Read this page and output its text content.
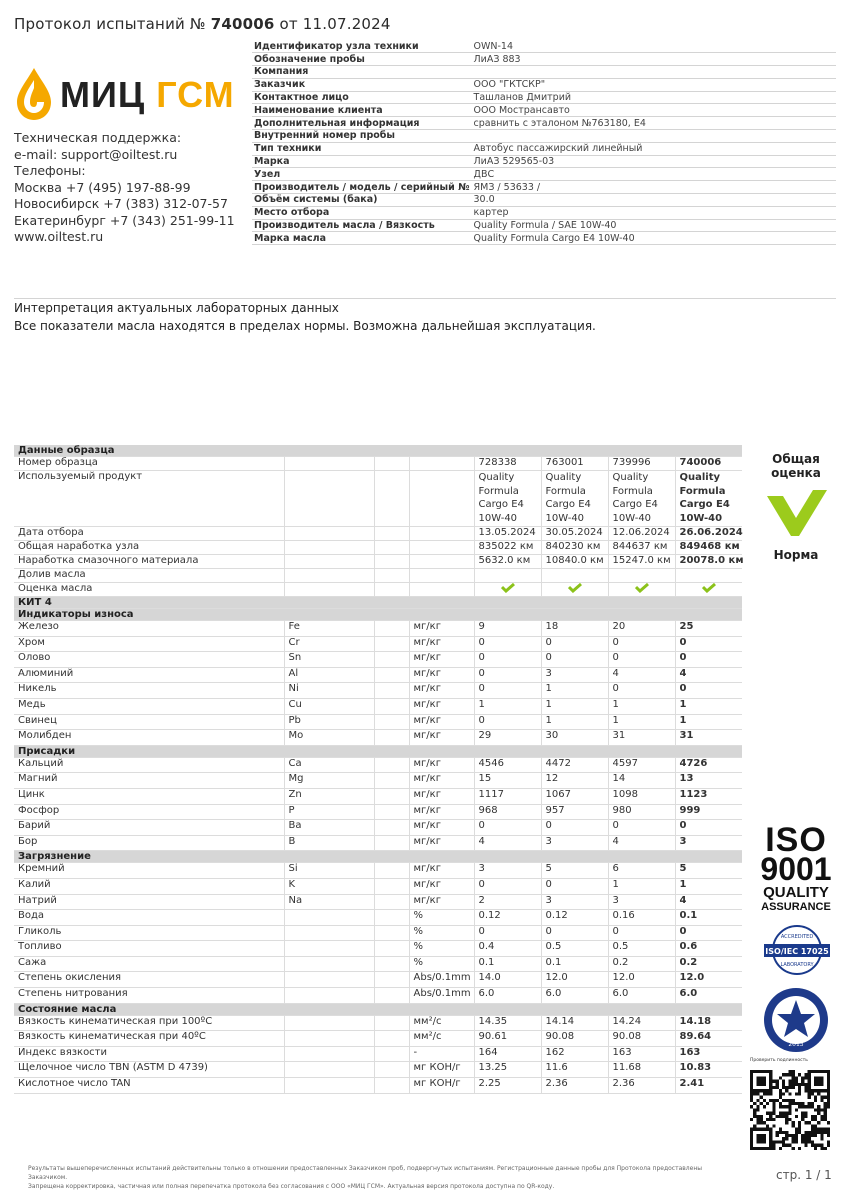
Протокол испытаний № 740006 от 11.07.2024
МИЦ ГСМ
Техническая поддержка:
e-mail: support@oiltest.ru
Телефоны:
Москва +7 (495) 197-88-99
Новосибирск +7 (383) 312-07-57
Екатеринбург +7 (343) 251-99-11
www.oiltest.ru
Идентификатор узла техники	OWN-14
Обозначение пробы	ЛиАЗ 883
Компания	
Заказчик	ООО "ГКТСКР"
Контактное лицо	Ташланов Дмитрий
Наименование клиента	ООО Мострансавто
Дополнительная информация	сравнить с эталоном №763180, Е4
Внутренний номер пробы	
Тип техники	Автобус пассажирский линейный
Марка	ЛиАЗ 529565-03
Узел	ДВС
Производитель / модель / серийный №	ЯМЗ / 53633 /
Объём системы (бака)	30.0
Место отбора	картер
Производитель масла / Вязкость	Quality Formula / SAE 10W-40
Марка масла	Quality Formula Cargo E4 10W-40
Интерпретация актуальных лабораторных данных
Все показатели масла находятся в пределах нормы. Возможна дальнейшая эксплуатация.
Данные образца							
Номер образца				728338	763001	739996	740006
Используемый продукт				Quality Formula Cargo E4 10W-40	Quality Formula Cargo E4 10W-40	Quality Formula Cargo E4 10W-40	Quality Formula Cargo E4 10W-40
Дата отбора				13.05.2024	30.05.2024	12.06.2024	26.06.2024
Общая наработка узла				835022 км	840230 км	844637 км	849468 км
Наработка смазочного материала				5632.0 км	10840.0 км	15247.0 км	20078.0 км
Долив масла							
Оценка масла							
КИТ 4							
Индикаторы износа							
Железо	Fe		мг/кг	9	18	20	25
Хром	Cr		мг/кг	0	0	0	0
Олово	Sn		мг/кг	0	0	0	0
Алюминий	Al		мг/кг	0	3	4	4
Никель	Ni		мг/кг	0	1	0	0
Медь	Cu		мг/кг	1	1	1	1
Свинец	Pb		мг/кг	0	1	1	1
Молибден	Mo		мг/кг	29	30	31	31
Присадки							
Кальций	Ca		мг/кг	4546	4472	4597	4726
Магний	Mg		мг/кг	15	12	14	13
Цинк	Zn		мг/кг	1117	1067	1098	1123
Фосфор	P		мг/кг	968	957	980	999
Барий	Ba		мг/кг	0	0	0	0
Бор	B		мг/кг	4	3	4	3
Загрязнение							
Кремний	Si		мг/кг	3	5	6	5
Калий	K		мг/кг	0	0	1	1
Натрий	Na		мг/кг	2	3	3	4
Вода			%	0.12	0.12	0.16	0.1
Гликоль			%	0	0	0	0
Топливо			%	0.4	0.5	0.5	0.6
Сажа			%	0.1	0.1	0.2	0.2
Степень окисления			Abs/0.1mm	14.0	12.0	12.0	12.0
Степень нитрования			Abs/0.1mm	6.0	6.0	6.0	6.0
Состояние масла							
Вязкость кинематическая при 100ºC			мм²/с	14.35	14.14	14.24	14.18
Вязкость кинематическая при 40ºC			мм²/с	90.61	90.08	90.08	89.64
Индекс вязкости			-	164	162	163	163
Щелочное число TBN (ASTM D 4739)			мг КОН/г	13.25	11.6	11.68	10.83
Кислотное число TAN			мг КОН/г	2.25	2.36	2.36	2.41
Общая оценка
Норма
ISO
9001
QUALITY
ASSURANCE
ACCREDITED
ISO/IEC 17025
LABORATORY
2013
Проверить подлинность
Результаты вышеперечисленных испытаний действительны только в отношении предоставленных Заказчиком проб, подвергнутых испытаниям. Регистрационные данные пробы для Протокола предоставлены Заказчиком.
Запрещена корректировка, частичная или полная перепечатка протокола без согласования с ООО «МИЦ ГСМ». Актуальная версия протокола доступна по QR-коду.
стр. 1 / 1
